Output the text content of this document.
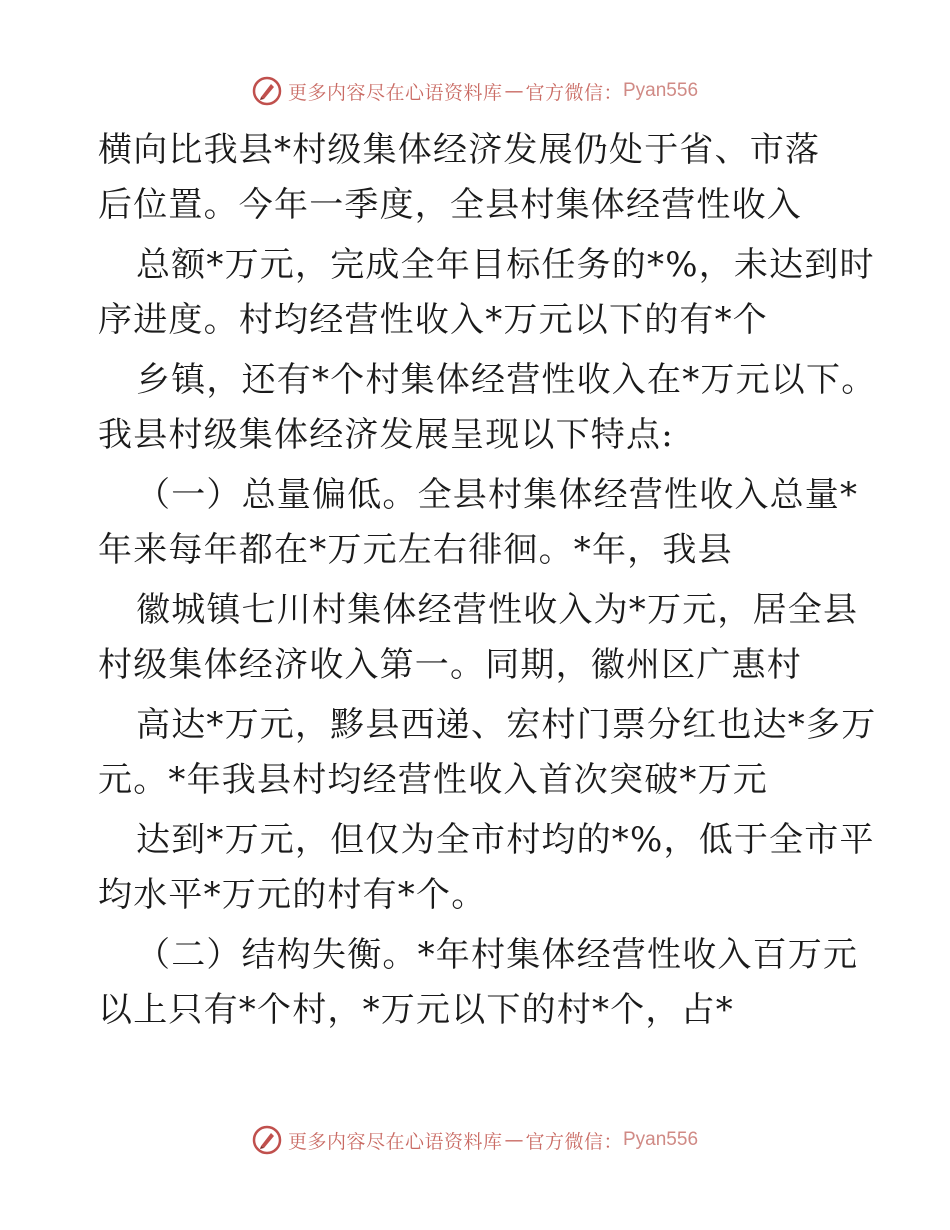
更多内容尽在心语资料库 — 官方微信： Pyan556
横向比我县*村级集体经济发展仍处于省、市落
后位置。今年一季度，全县村集体经营性收入
总额*万元，完成全年目标任务的*%，未达到时
序进度。村均经营性收入*万元以下的有*个
乡镇，还有*个村集体经营性收入在*万元以下。
我县村级集体经济发展呈现以下特点:
（一）总量偏低。全县村集体经营性收入总量*
年来每年都在*万元左右徘徊。*年，我县
徽城镇七川村集体经营性收入为*万元，居全县
村级集体经济收入第一。同期，徽州区广惠村
高达*万元，黟县西递、宏村门票分红也达*多万
元。*年我县村均经营性收入首次突破*万元
达到*万元，但仅为全市村均的*%，低于全市平
均水平*万元的村有*个。
（二）结构失衡。*年村集体经营性收入百万元
以上只有*个村，*万元以下的村*个，占*
更多内容尽在心语资料库 — 官方微信： Pyan556
